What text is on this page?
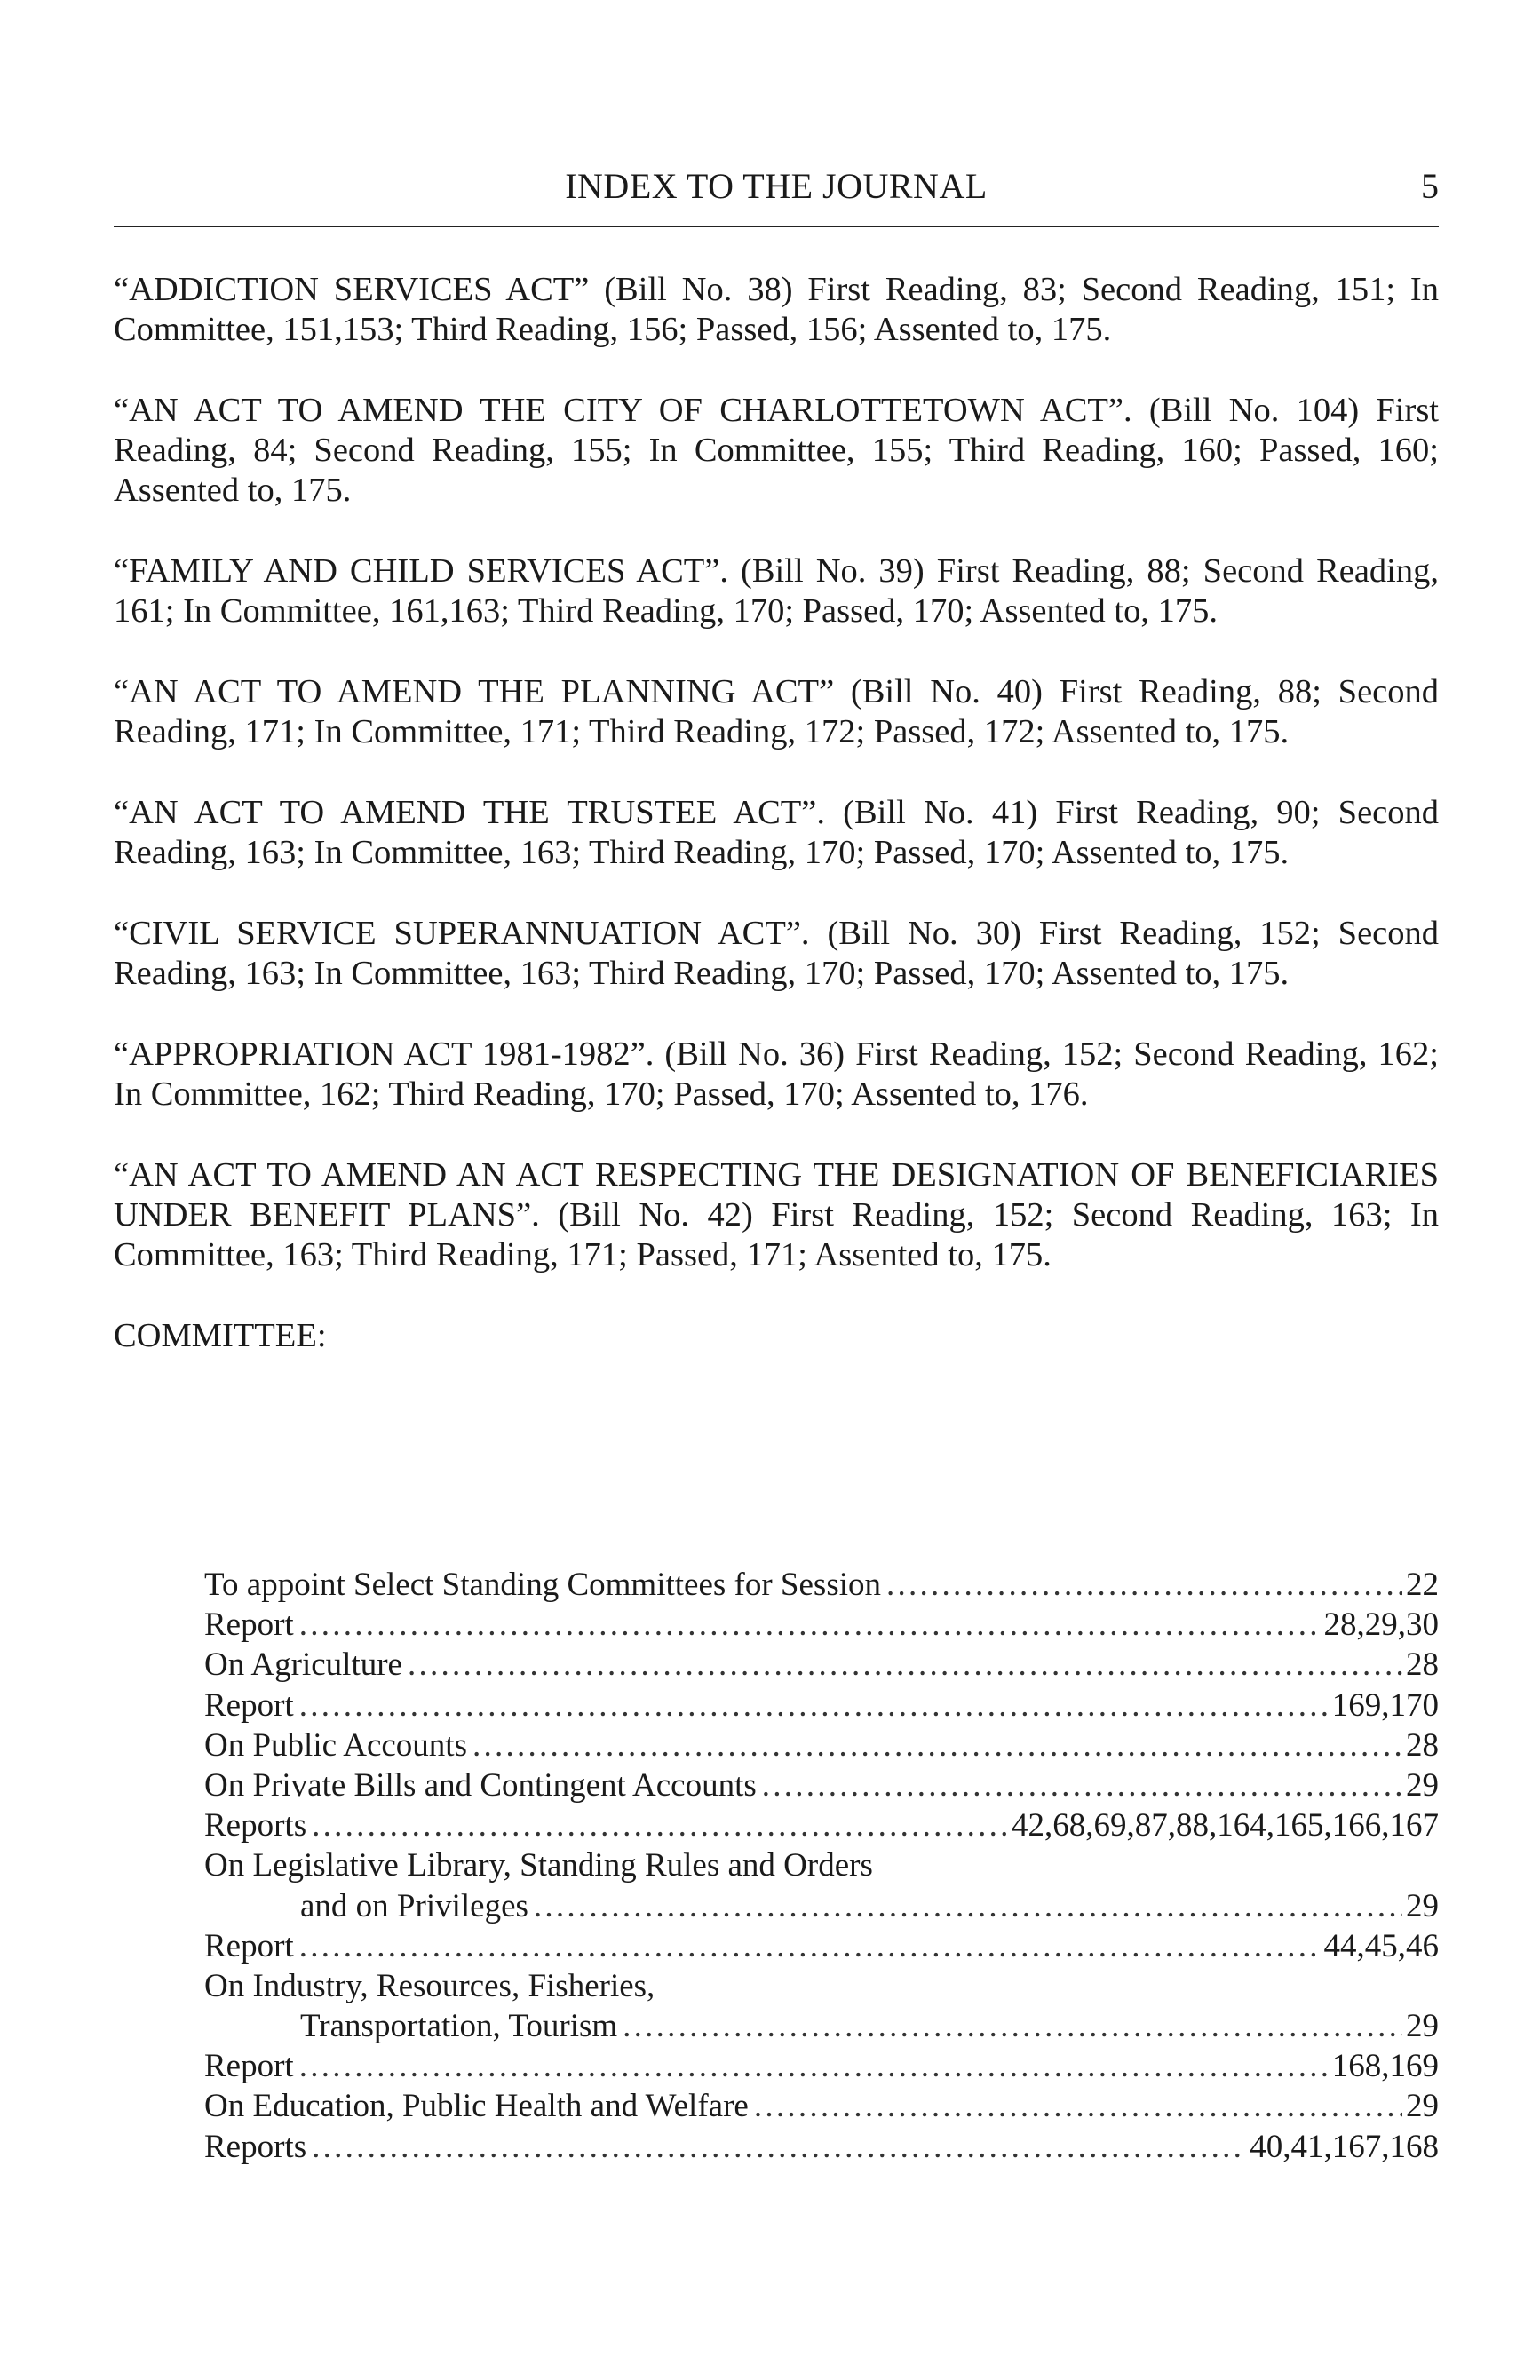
INDEX TO THE JOURNAL	5

“ADDICTION SERVICES ACT” (Bill No. 38) First Reading, 83; Second Reading, 151; In Committee, 151,153; Third Reading, 156; Passed, 156; Assented to, 175.

“AN ACT TO AMEND THE CITY OF CHARLOTTETOWN ACT”. (Bill No. 104) First Reading, 84; Second Reading, 155; In Committee, 155; Third Reading, 160; Passed, 160; Assented to, 175.

“FAMILY AND CHILD SERVICES ACT”. (Bill No. 39) First Reading, 88; Second Reading, 161; In Committee, 161,163; Third Reading, 170; Passed, 170; Assented to, 175.

“AN ACT TO AMEND THE PLANNING ACT” (Bill No. 40) First Reading, 88; Second Reading, 171; In Committee, 171; Third Reading, 172; Passed, 172; Assented to, 175.

“AN ACT TO AMEND THE TRUSTEE ACT”. (Bill No. 41) First Reading, 90; Second Reading, 163; In Committee, 163; Third Reading, 170; Passed, 170; Assented to, 175.

“CIVIL SERVICE SUPERANNUATION ACT”. (Bill No. 30) First Reading, 152; Second Reading, 163; In Committee, 163; Third Reading, 170; Passed, 170; Assented to, 175.

“APPROPRIATION ACT 1981-1982”. (Bill No. 36) First Reading, 152; Second Reading, 162; In Committee, 162; Third Reading, 170; Passed, 170; Assented to, 176.

“AN ACT TO AMEND AN ACT RESPECTING THE DESIGNATION OF BENEFICIARIES UNDER BENEFIT PLANS”. (Bill No. 42) First Reading, 152; Second Reading, 163; In Committee, 163; Third Reading, 171; Passed, 171; Assented to, 175.

COMMITTEE:
To appoint Select Standing Committees for Session . . .	22
Report . . .	28,29,30
On Agriculture . . .	28
Report . . .	169,170
On Public Accounts . . .	28
On Private Bills and Contingent Accounts . . .	29
Reports . . .	42,68,69,87,88,164,165,166,167
On Legislative Library, Standing Rules and Orders
and on Privileges . . .	29
Report . . .	44,45,46
On Industry, Resources, Fisheries,
Transportation, Tourism . . .	29
Report . . .	168,169
On Education, Public Health and Welfare . . .	29
Reports . . .	40,41,167,168
